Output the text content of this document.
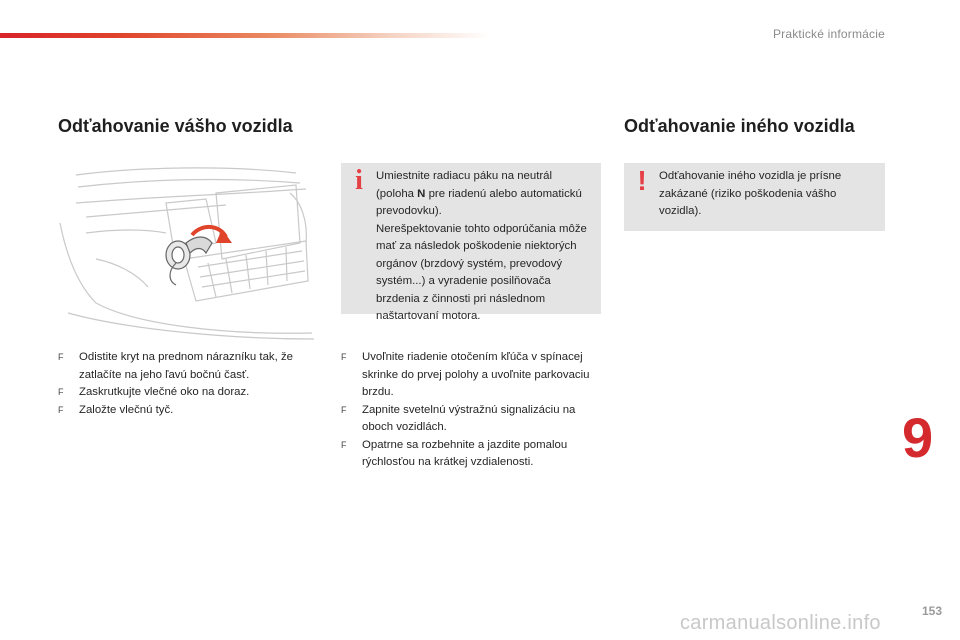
Praktické informácie
Odťahovanie vášho vozidla	Odťahovanie iného vozidla
i	Umiestnite radiacu páku na neutrál (poloha N pre riadenú alebo automatickú prevodovku).
Nerešpektovanie tohto odporúčania môže mať za následok poškodenie niektorých orgánov (brzdový systém, prevodový systém...) a vyradenie posilňovača brzdenia z činnosti pri následnom naštartovaní motora.
!	Odťahovanie iného vozidla je prísne zakázané (riziko poškodenia vášho vozidla).
F Odistite kryt na prednom nárazníku tak, že zatlačíte na jeho ľavú bočnú časť.
F Zaskrutkujte vlečné oko na doraz.
F Založte vlečnú tyč.
F Uvoľnite riadenie otočením kľúča v spínacej skrinke do prvej polohy a uvoľnite parkovaciu brzdu.
F Zapnite svetelnú výstražnú signalizáciu na oboch vozidlách.
F Opatrne sa rozbehnite a jazdite pomalou rýchlosťou na krátkej vzdialenosti.	9
153
carmanualsonline.info
